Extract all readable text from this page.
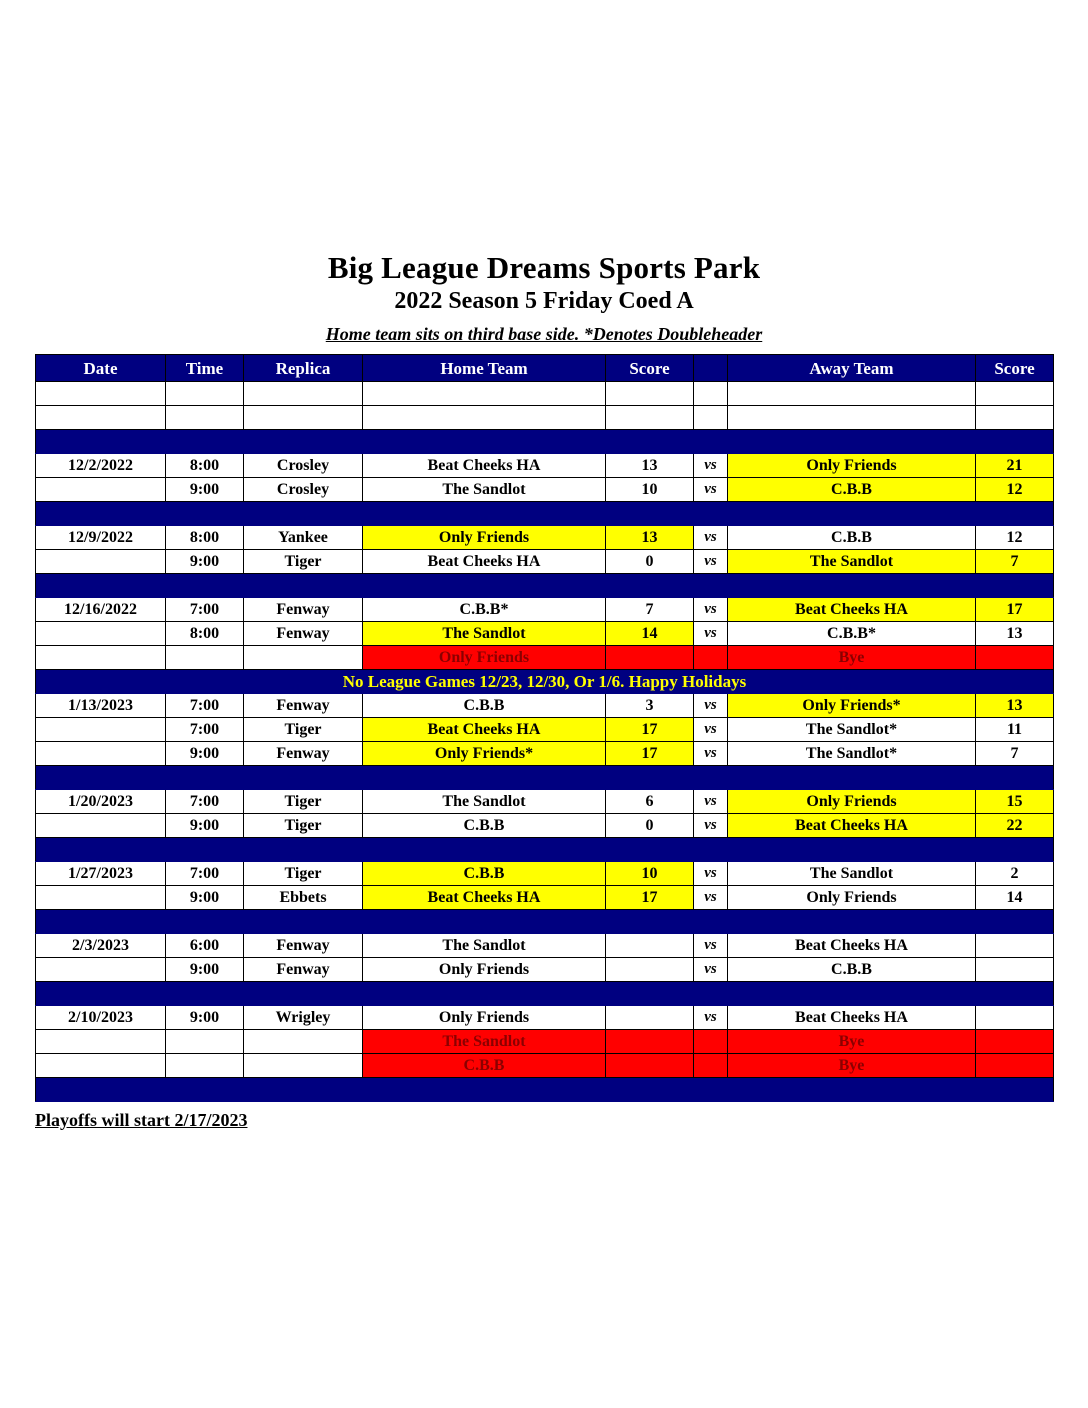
Big League Dreams Sports Park
2022 Season 5 Friday Coed A
Home team sits on third base side. *Denotes Doubleheader
Date	Time	Replica	Home Team	Score		Away Team	Score

12/2/2022	8:00	Crosley	Beat Cheeks HA	13	vs	Only Friends	21
	9:00	Crosley	The Sandlot	10	vs	C.B.B	12

12/9/2022	8:00	Yankee	Only Friends	13	vs	C.B.B	12
	9:00	Tiger	Beat Cheeks HA	0	vs	The Sandlot	7

12/16/2022	7:00	Fenway	C.B.B*	7	vs	Beat Cheeks HA	17
	8:00	Fenway	The Sandlot	14	vs	C.B.B*	13
			Only Friends			Bye	
No League Games 12/23, 12/30, Or 1/6. Happy Holidays							
1/13/2023	7:00	Fenway	C.B.B	3	vs	Only Friends*	13
	7:00	Tiger	Beat Cheeks HA	17	vs	The Sandlot*	11
	9:00	Fenway	Only Friends*	17	vs	The Sandlot*	7

1/20/2023	7:00	Tiger	The Sandlot	6	vs	Only Friends	15
	9:00	Tiger	C.B.B	0	vs	Beat Cheeks HA	22

1/27/2023	7:00	Tiger	C.B.B	10	vs	The Sandlot	2
	9:00	Ebbets	Beat Cheeks HA	17	vs	Only Friends	14

2/3/2023	6:00	Fenway	The Sandlot		vs	Beat Cheeks HA	
	9:00	Fenway	Only Friends		vs	C.B.B	

2/10/2023	9:00	Wrigley	Only Friends		vs	Beat Cheeks HA	
			The Sandlot			Bye	
			C.B.B			Bye	

Playoffs will start 2/17/2023
